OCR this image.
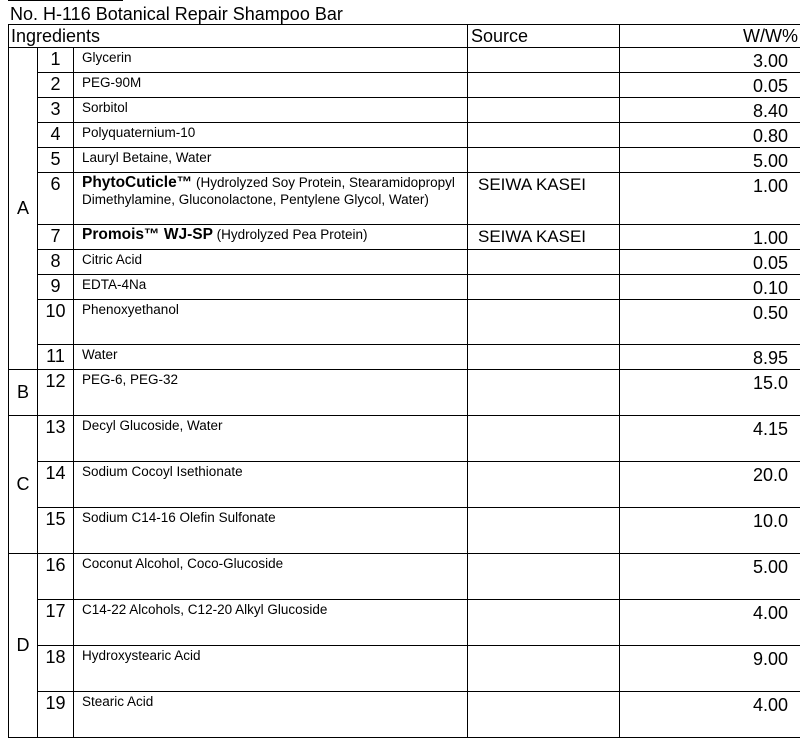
No. H-116 Botanical Repair Shampoo Bar
Ingredients			Source	W/W%
A	1	Glycerin		3.00
	2	PEG-90M		0.05
	3	Sorbitol		8.40
	4	Polyquaternium-10		0.80
	5	Lauryl Betaine, Water		5.00
	6	PhytoCuticle™ (Hydrolyzed Soy Protein, Stearamidopropyl Dimethylamine, Gluconolactone, Pentylene Glycol, Water)	SEIWA KASEI	1.00
	7	Promois™ WJ-SP (Hydrolyzed Pea Protein)	SEIWA KASEI	1.00
	8	Citric Acid		0.05
	9	EDTA-4Na		0.10
	10	Phenoxyethanol		0.50
	11	Water		8.95
B	12	PEG-6, PEG-32		15.0
C	13	Decyl Glucoside, Water		4.15
	14	Sodium Cocoyl Isethionate		20.0
	15	Sodium C14-16 Olefin Sulfonate		10.0
D	16	Coconut Alcohol, Coco-Glucoside		5.00
	17	C14-22 Alcohols, C12-20 Alkyl Glucoside		4.00
	18	Hydroxystearic Acid		9.00
	19	Stearic Acid		4.00
